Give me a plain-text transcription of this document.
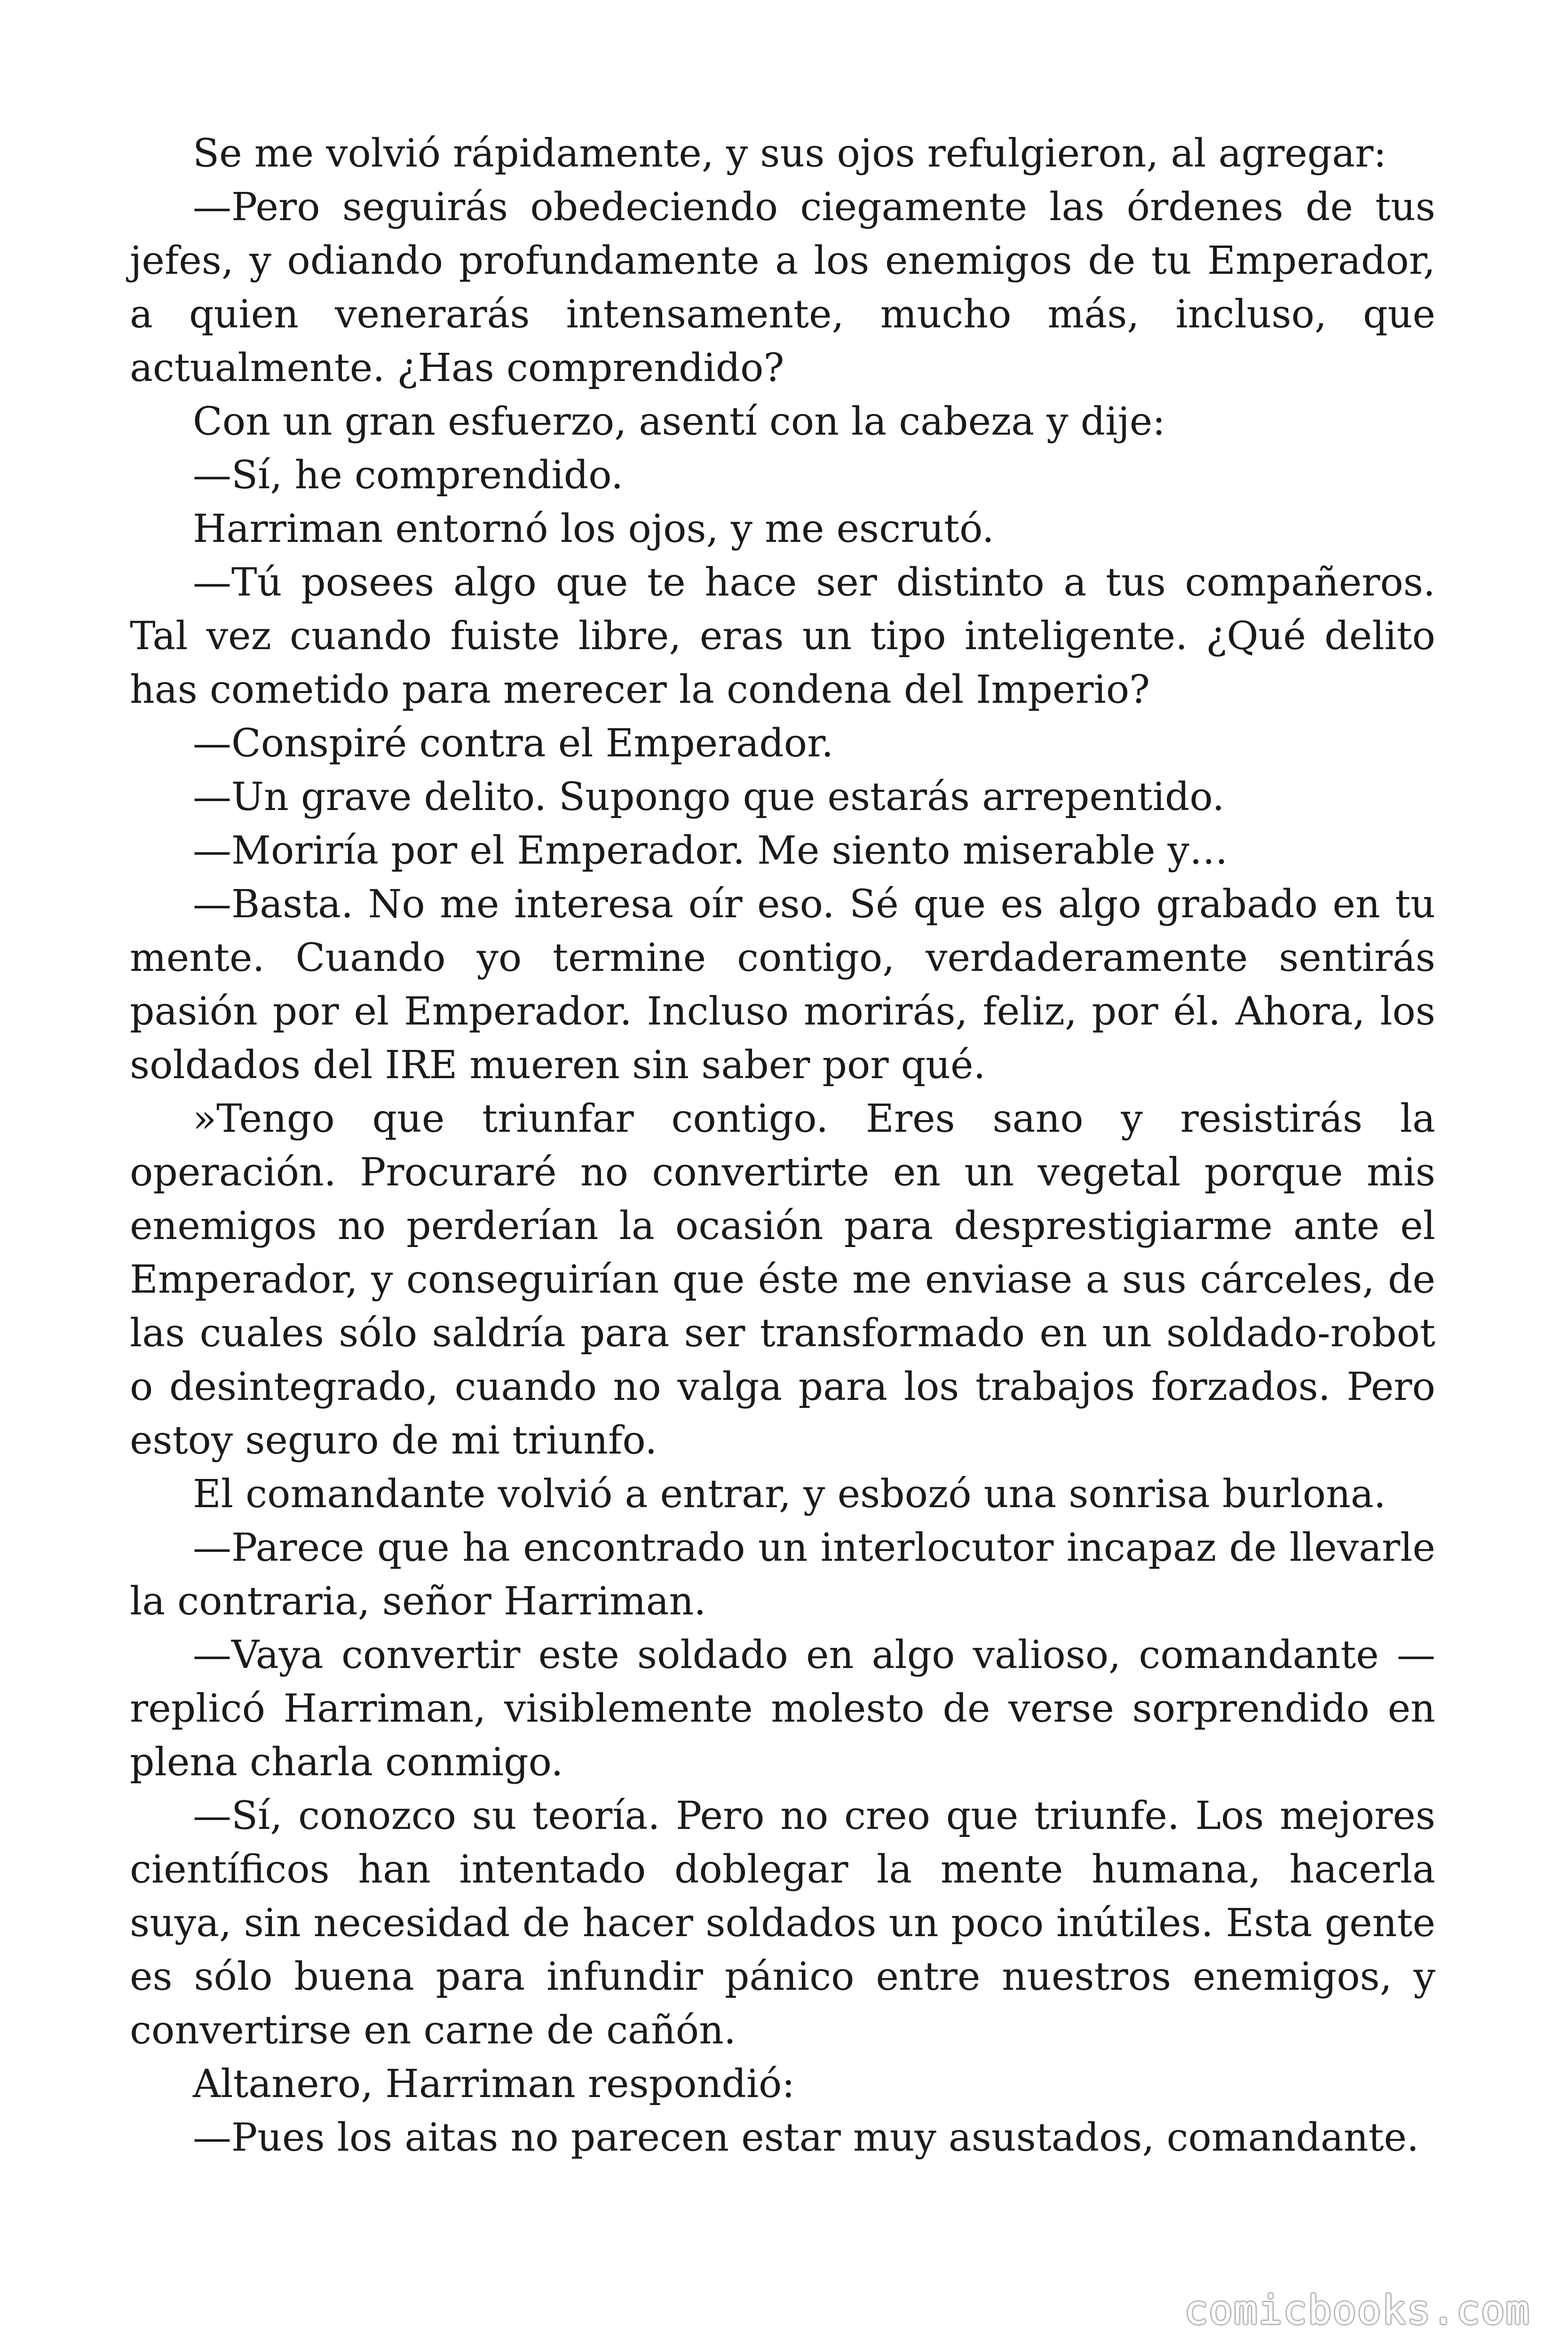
Se me volvió rápidamente, y sus ojos refulgieron, al agregar:

—Pero seguirás obedeciendo ciegamente las órdenes de tus jefes, y odiando profundamente a los enemigos de tu Emperador, a quien venerarás intensamente, mucho más, incluso, que actualmente. ¿Has comprendido?

Con un gran esfuerzo, asentí con la cabeza y dije:

—Sí, he comprendido.

Harriman entornó los ojos, y me escrutó.

—Tú posees algo que te hace ser distinto a tus compañeros. Tal vez cuando fuiste libre, eras un tipo inteligente. ¿Qué delito has cometido para merecer la condena del Imperio?

—Conspiré contra el Emperador.

—Un grave delito. Supongo que estarás arrepentido.

—Moriría por el Emperador. Me siento miserable y…

—Basta. No me interesa oír eso. Sé que es algo grabado en tu mente. Cuando yo termine contigo, verdaderamente sentirás pasión por el Emperador. Incluso morirás, feliz, por él. Ahora, los soldados del IRE mueren sin saber por qué.

»Tengo que triunfar contigo. Eres sano y resistirás la operación. Procuraré no convertirte en un vegetal porque mis enemigos no perderían la ocasión para desprestigiarme ante el Emperador, y conseguirían que éste me enviase a sus cárceles, de las cuales sólo saldría para ser transformado en un soldado-robot o desintegrado, cuando no valga para los trabajos forzados. Pero estoy seguro de mi triunfo.

El comandante volvió a entrar, y esbozó una sonrisa burlona.

—Parece que ha encontrado un interlocutor incapaz de llevarle la contraria, señor Harriman.

—Vaya convertir este soldado en algo valioso, comandante —replicó Harriman, visiblemente molesto de verse sorprendido en plena charla conmigo.

—Sí, conozco su teoría. Pero no creo que triunfe. Los mejores científicos han intentado doblegar la mente humana, hacerla suya, sin necesidad de hacer soldados un poco inútiles. Esta gente es sólo buena para infundir pánico entre nuestros enemigos, y convertirse en carne de cañón.

Altanero, Harriman respondió:

—Pues los aitas no parecen estar muy asustados, comandante.

comicbooks.com
